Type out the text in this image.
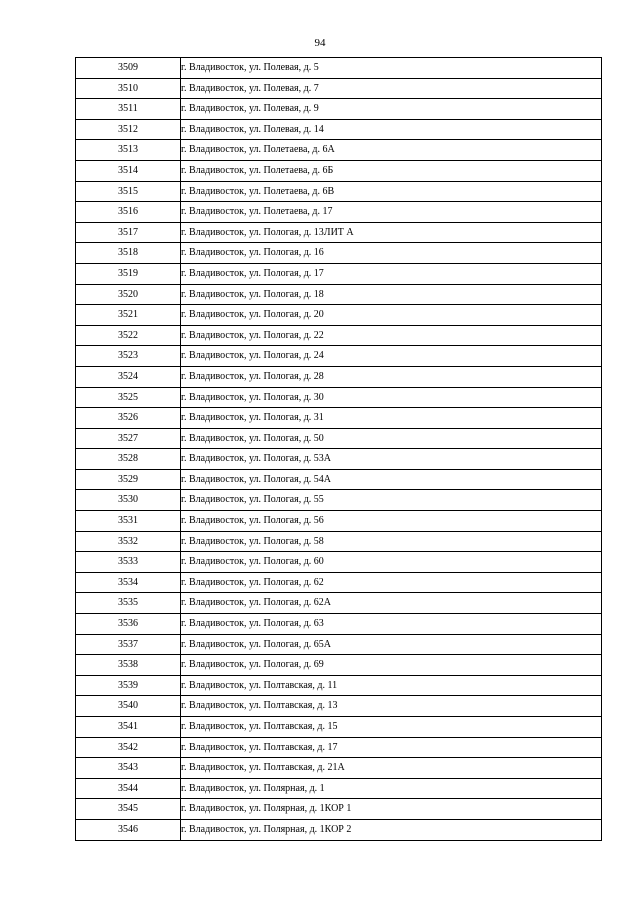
94
3509	г. Владивосток, ул. Полевая, д. 5
3510	г. Владивосток, ул. Полевая, д. 7
3511	г. Владивосток, ул. Полевая, д. 9
3512	г. Владивосток, ул. Полевая, д. 14
3513	г. Владивосток, ул. Полетаева, д. 6А
3514	г. Владивосток, ул. Полетаева, д. 6Б
3515	г. Владивосток, ул. Полетаева, д. 6В
3516	г. Владивосток, ул. Полетаева, д. 17
3517	г. Владивосток, ул. Пологая, д. 13ЛИТ А
3518	г. Владивосток, ул. Пологая, д. 16
3519	г. Владивосток, ул. Пологая, д. 17
3520	г. Владивосток, ул. Пологая, д. 18
3521	г. Владивосток, ул. Пологая, д. 20
3522	г. Владивосток, ул. Пологая, д. 22
3523	г. Владивосток, ул. Пологая, д. 24
3524	г. Владивосток, ул. Пологая, д. 28
3525	г. Владивосток, ул. Пологая, д. 30
3526	г. Владивосток, ул. Пологая, д. 31
3527	г. Владивосток, ул. Пологая, д. 50
3528	г. Владивосток, ул. Пологая, д. 53А
3529	г. Владивосток, ул. Пологая, д. 54А
3530	г. Владивосток, ул. Пологая, д. 55
3531	г. Владивосток, ул. Пологая, д. 56
3532	г. Владивосток, ул. Пологая, д. 58
3533	г. Владивосток, ул. Пологая, д. 60
3534	г. Владивосток, ул. Пологая, д. 62
3535	г. Владивосток, ул. Пологая, д. 62А
3536	г. Владивосток, ул. Пологая, д. 63
3537	г. Владивосток, ул. Пологая, д. 65А
3538	г. Владивосток, ул. Пологая, д. 69
3539	г. Владивосток, ул. Полтавская, д. 11
3540	г. Владивосток, ул. Полтавская, д. 13
3541	г. Владивосток, ул. Полтавская, д. 15
3542	г. Владивосток, ул. Полтавская, д. 17
3543	г. Владивосток, ул. Полтавская, д. 21А
3544	г. Владивосток, ул. Полярная, д. 1
3545	г. Владивосток, ул. Полярная, д. 1КОР 1
3546	г. Владивосток, ул. Полярная, д. 1КОР 2
